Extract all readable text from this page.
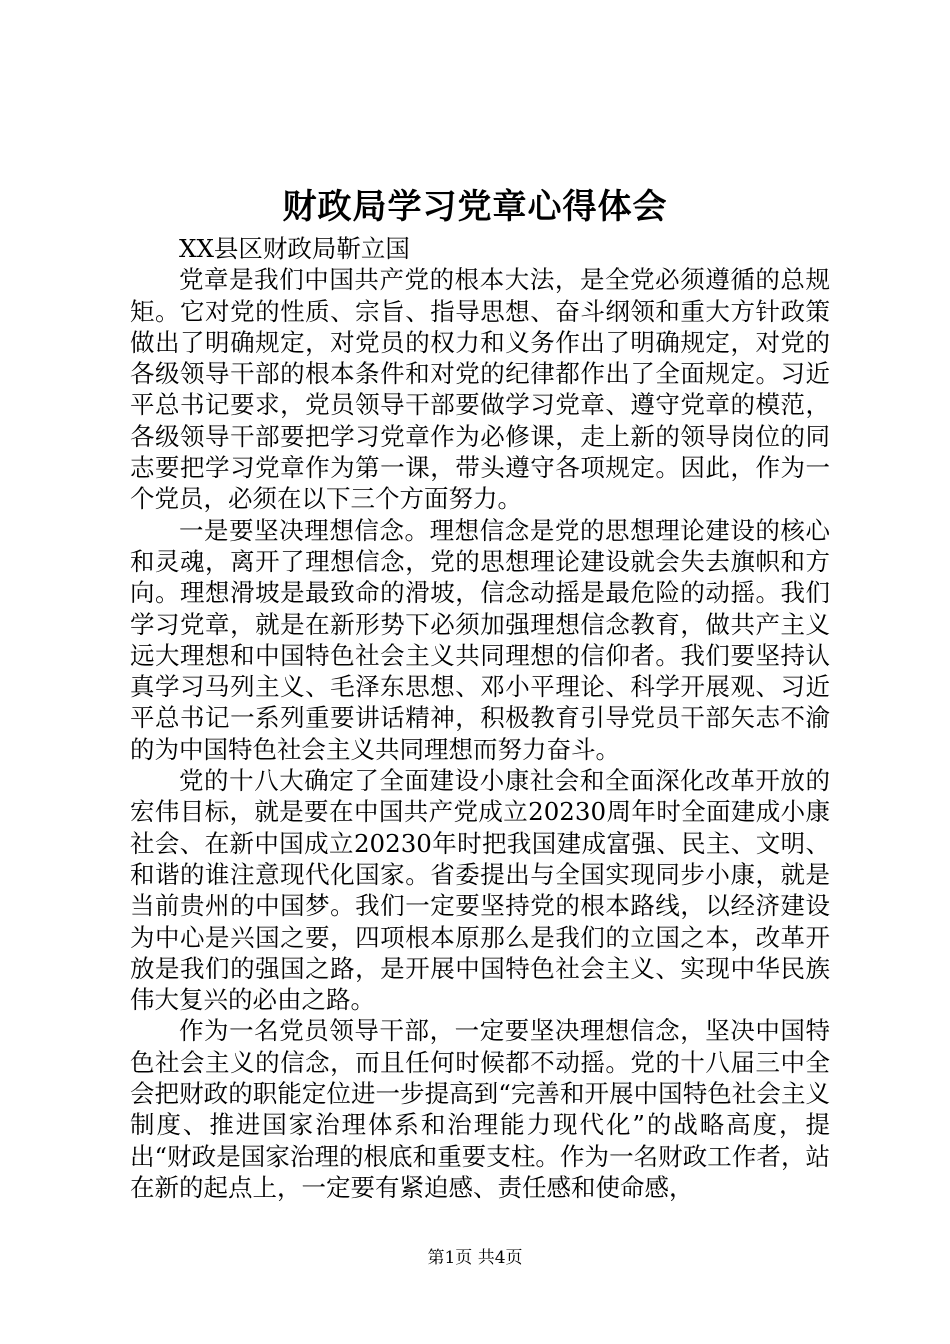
财政局学习党章心得体会

XX县区财政局靳立国

党章是我们中国共产党的根本大法，是全党必须遵循的总规矩。它对党的性质、宗旨、指导思想、奋斗纲领和重大方针政策做出了明确规定，对党员的权力和义务作出了明确规定，对党的各级领导干部的根本条件和对党的纪律都作出了全面规定。习近平总书记要求，党员领导干部要做学习党章、遵守党章的模范，各级领导干部要把学习党章作为必修课，走上新的领导岗位的同志要把学习党章作为第一课，带头遵守各项规定。因此，作为一个党员，必须在以下三个方面努力。

一是要坚决理想信念。理想信念是党的思想理论建设的核心和灵魂，离开了理想信念，党的思想理论建设就会失去旗帜和方向。理想滑坡是最致命的滑坡，信念动摇是最危险的动摇。我们学习党章，就是在新形势下必须加强理想信念教育，做共产主义远大理想和中国特色社会主义共同理想的信仰者。我们要坚持认真学习马列主义、毛泽东思想、邓小平理论、科学开展观、习近平总书记一系列重要讲话精神，积极教育引导党员干部矢志不渝的为中国特色社会主义共同理想而努力奋斗。

党的十八大确定了全面建设小康社会和全面深化改革开放的宏伟目标，就是要在中国共产党成立20230周年时全面建成小康社会、在新中国成立20230年时把我国建成富强、民主、文明、和谐的谁注意现代化国家。省委提出与全国实现同步小康，就是当前贵州的中国梦。我们一定要坚持党的根本路线，以经济建设为中心是兴国之要，四项根本原那么是我们的立国之本，改革开放是我们的强国之路，是开展中国特色社会主义、实现中华民族伟大复兴的必由之路。

作为一名党员领导干部，一定要坚决理想信念，坚决中国特色社会主义的信念，而且任何时候都不动摇。党的十八届三中全会把财政的职能定位进一步提高到“完善和开展中国特色社会主义制度、推进国家治理体系和治理能力现代化”的战略高度，提出“财政是国家治理的根底和重要支柱。作为一名财政工作者，站在新的起点上，一定要有紧迫感、责任感和使命感，

第1页 共4页
